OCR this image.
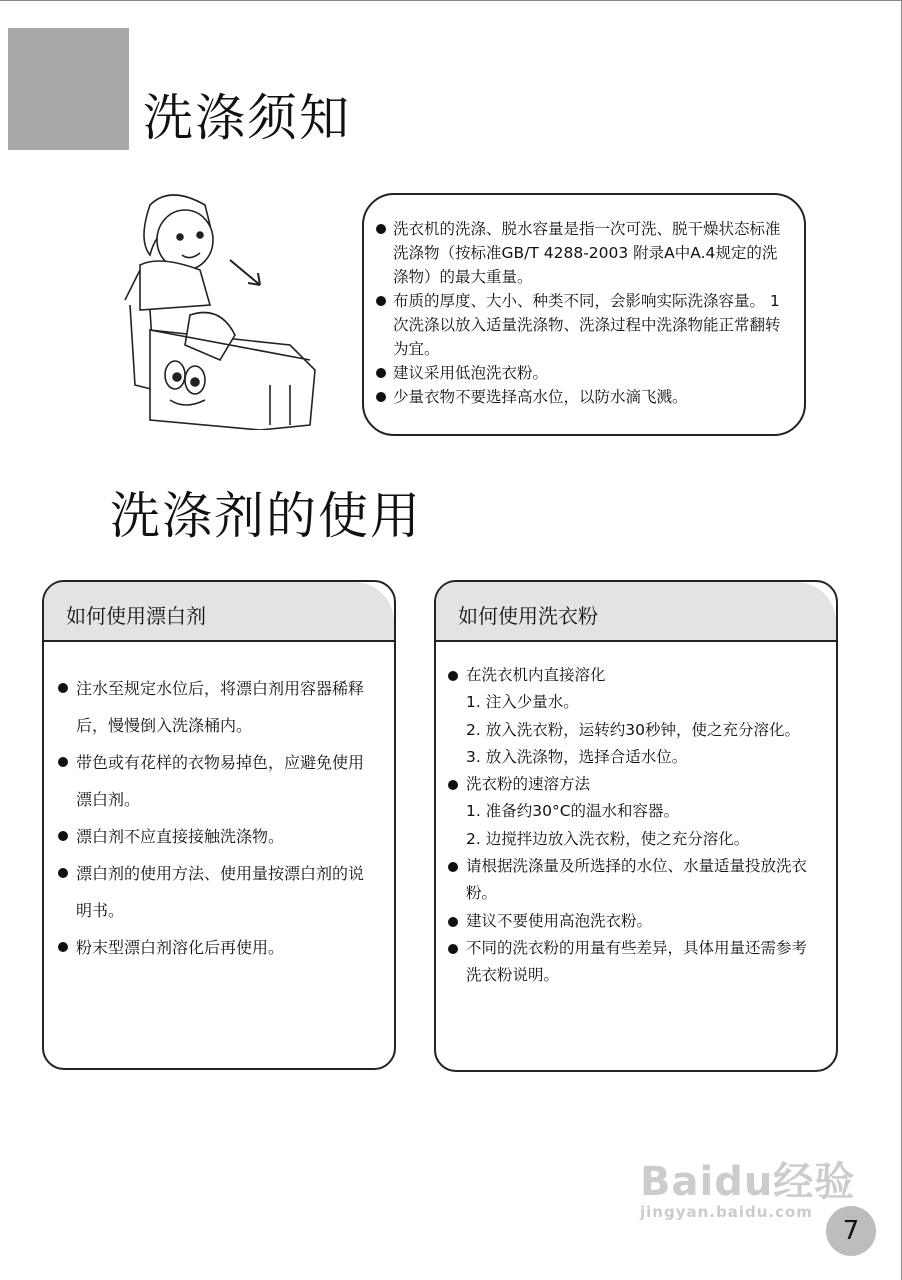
洗涤须知
洗衣机的洗涤、脱水容量是指一次可洗、脱干燥状态标准洗涤物（按标准GB/T 4288-2003 附录A中A.4规定的洗涤物）的最大重量。
布质的厚度、大小、种类不同，会影响实际洗涤容量。 1次洗涤以放入适量洗涤物、洗涤过程中洗涤物能正常翻转为宜。
建议采用低泡洗衣粉。
少量衣物不要选择高水位，以防水滴飞溅。
洗涤剂的使用
如何使用漂白剂
注水至规定水位后，将漂白剂用容器稀释后，慢慢倒入洗涤桶内。
带色或有花样的衣物易掉色，应避免使用漂白剂。
漂白剂不应直接接触洗涤物。
漂白剂的使用方法、使用量按漂白剂的说明书。
粉末型漂白剂溶化后再使用。
如何使用洗衣粉
在洗衣机内直接溶化
1. 注入少量水。
2. 放入洗衣粉，运转约30秒钟，使之充分溶化。
3. 放入洗涤物，选择合适水位。
洗衣粉的速溶方法
1. 准备约30°C的温水和容器。
2. 边搅拌边放入洗衣粉，使之充分溶化。
请根据洗涤量及所选择的水位、水量适量投放洗衣粉。
建议不要使用高泡洗衣粉。
不同的洗衣粉的用量有些差异，具体用量还需参考洗衣粉说明。
Baidu经验
jingyan.baidu.com
7
